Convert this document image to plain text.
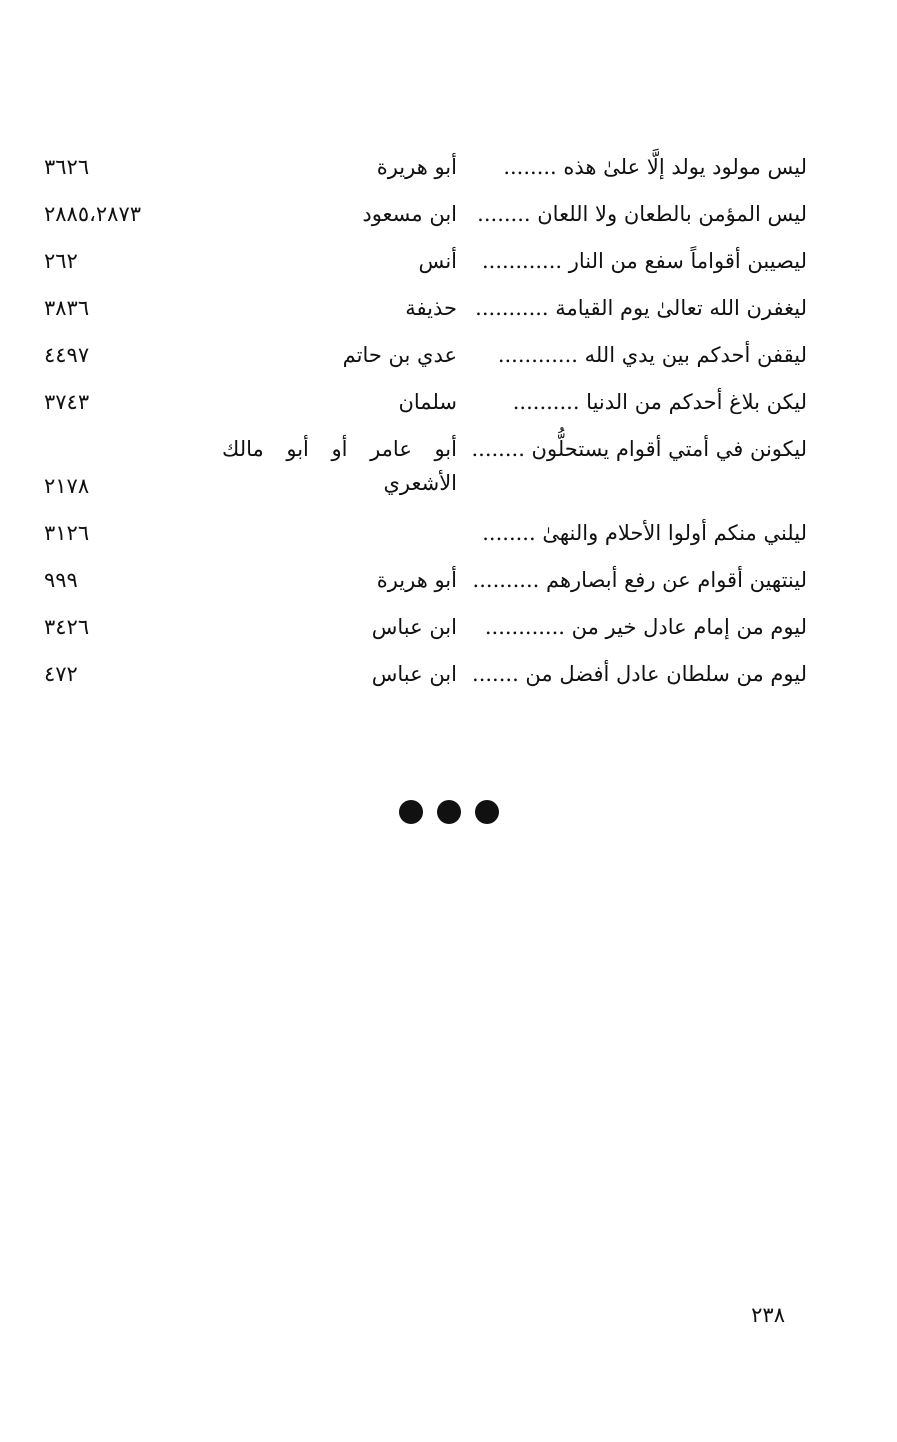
ليس مولود يولد إلَّا علىٰ هذه ........
أبو هريرة
٣٦٢٦
ليس المؤمن بالطعان ولا اللعان ........
ابن مسعود
٢٨٨٥،٢٨٧٣
ليصيبن أقواماً سفع من النار ............
أنس
٢٦٢
ليغفرن الله تعالىٰ يوم القيامة ...........
حذيفة
٣٨٣٦
ليقفن أحدكم بين يدي الله ............
عدي بن حاتم
٤٤٩٧
ليكن بلاغ أحدكم من الدنيا ..........
سلمان
٣٧٤٣
ليكونن في أمتي أقوام يستحلُّون ........
أبو عامر أو أبو مالك الأشعري
٢١٧٨
ليلني منكم أولوا الأحلام والنهىٰ ........
٣١٢٦
لينتهين أقوام عن رفع أبصارهم ..........
أبو هريرة
٩٩٩
ليوم من إمام عادل خير من ............
ابن عباس
٣٤٢٦
ليوم من سلطان عادل أفضل من .......
ابن عباس
٤٧٢
٢٣٨
